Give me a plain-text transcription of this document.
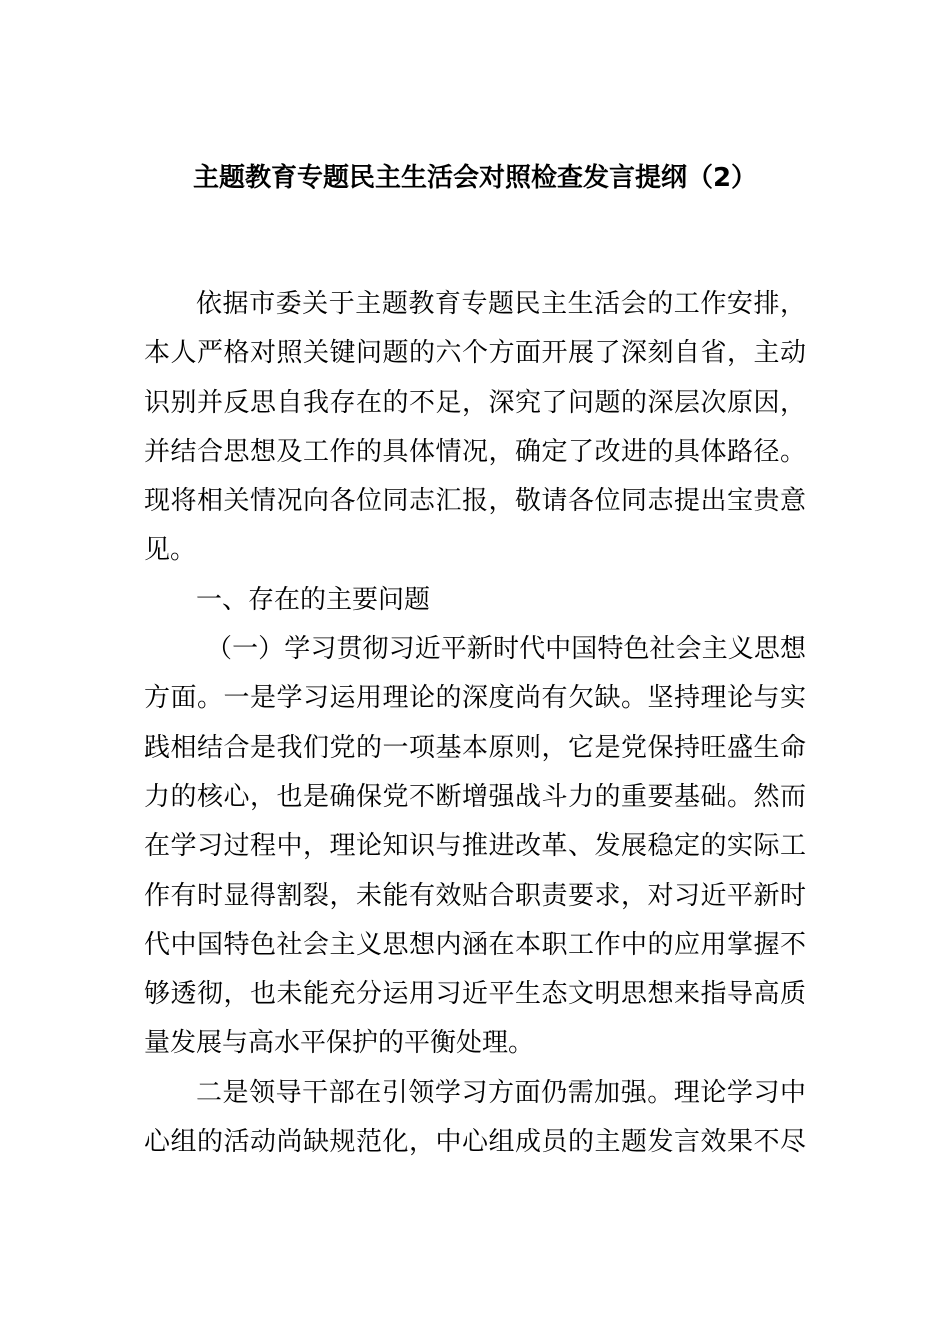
主题教育专题民主生活会对照检查发言提纲（2）
依据市委关于主题教育专题民主生活会的工作安排，
本人严格对照关键问题的六个方面开展了深刻自省，主动
识别并反思自我存在的不足，深究了问题的深层次原因，
并结合思想及工作的具体情况，确定了改进的具体路径。
现将相关情况向各位同志汇报，敬请各位同志提出宝贵意
见。
一、存在的主要问题
（一）学习贯彻习近平新时代中国特色社会主义思想
方面。一是学习运用理论的深度尚有欠缺。坚持理论与实
践相结合是我们党的一项基本原则，它是党保持旺盛生命
力的核心，也是确保党不断增强战斗力的重要基础。然而
在学习过程中，理论知识与推进改革、发展稳定的实际工
作有时显得割裂，未能有效贴合职责要求，对习近平新时
代中国特色社会主义思想内涵在本职工作中的应用掌握不
够透彻，也未能充分运用习近平生态文明思想来指导高质
量发展与高水平保护的平衡处理。
二是领导干部在引领学习方面仍需加强。理论学习中
心组的活动尚缺规范化，中心组成员的主题发言效果不尽
